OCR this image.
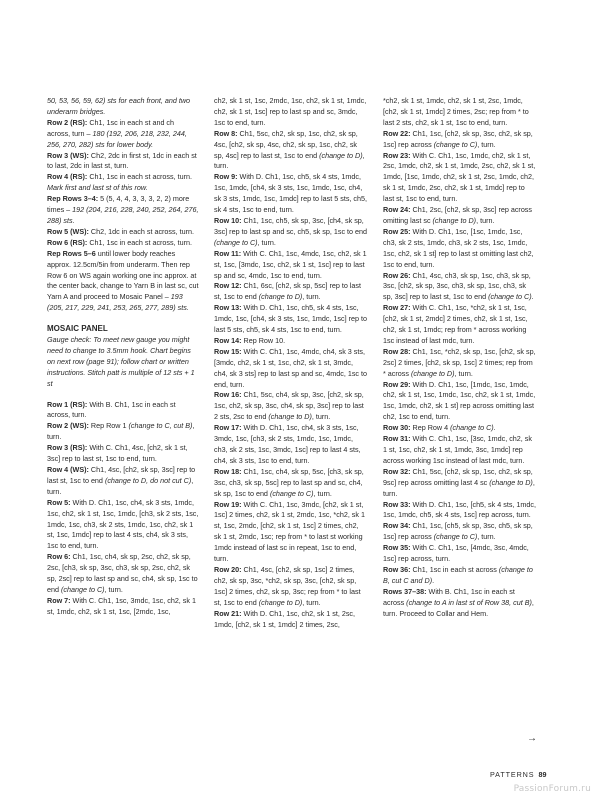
50, 53, 56, 59, 62) sts for each front, and two underarm bridges.

Row 2 (RS): Ch1, 1sc in each st and ch across, turn – 180 (192, 206, 218, 232, 244, 256, 270, 282) sts for lower body.

Row 3 (WS): Ch2, 2dc in first st, 1dc in each st to last, 2dc in last st, turn.

Row 4 (RS): Ch1, 1sc in each st across, turn. Mark first and last st of this row.

Rep Rows 3–4: 5 (5, 4, 4, 3, 3, 3, 2, 2) more times – 192 (204, 216, 228, 240, 252, 264, 276, 288) sts.

Row 5 (WS): Ch2, 1dc in each st across, turn.

Row 6 (RS): Ch1, 1sc in each st across, turn.

Rep Rows 5–6 until lower body reaches approx. 12.5cm/5in from underarm. Then rep Row 6 on WS again working one inc approx. at the center back, change to Yarn B in last sc, cut Yarn A and proceed to Mosaic Panel – 193 (205, 217, 229, 241, 253, 265, 277, 289) sts.

MOSAIC PANEL

Gauge check: To meet new gauge you might need to change to 3.5mm hook. Chart begins on next row (page 91); follow chart or written instructions. Stitch patt is multiple of 12 sts + 1 st

Row 1 (RS): With B. Ch1, 1sc in each st across, turn.

Row 2 (WS): Rep Row 1 (change to C, cut B), turn.

Row 3 (RS): With C. Ch1, 4sc, [ch2, sk 1 st, 3sc] rep to last st, 1sc to end, turn.

Row 4 (WS): Ch1, 4sc, [ch2, sk sp, 3sc] rep to last st, 1sc to end (change to D, do not cut C), turn.

Row 5: With D. Ch1, 1sc, ch4, sk 3 sts, 1mdc, 1sc, ch2, sk 1 st, 1sc, 1mdc, [ch3, sk 2 sts, 1sc, 1mdc, 1sc, ch3, sk 2 sts, 1mdc, 1sc, ch2, sk 1 st, 1sc, 1mdc] rep to last 4 sts, ch4, sk 3 sts, 1sc to end, turn.

Row 6: Ch1, 1sc, ch4, sk sp, 2sc, ch2, sk sp, 2sc, [ch3, sk sp, 3sc, ch3, sk sp, 2sc, ch2, sk sp, 2sc] rep to last sp and sc, ch4, sk sp, 1sc to end (change to C), turn.

Row 7: With C. Ch1, 1sc, 3mdc, 1sc, ch2, sk 1 st, 1mdc, ch2, sk 1 st, 1sc, [2mdc, 1sc,

ch2, sk 1 st, 1sc, 2mdc, 1sc, ch2, sk 1 st, 1mdc, ch2, sk 1 st, 1sc] rep to last sp and sc, 3mdc, 1sc to end, turn.

Row 8: Ch1, 5sc, ch2, sk sp, 1sc, ch2, sk sp, 4sc, [ch2, sk sp, 4sc, ch2, sk sp, 1sc, ch2, sk sp, 4sc] rep to last st, 1sc to end (change to D), turn.

Row 9: With D. Ch1, 1sc, ch5, sk 4 sts, 1mdc, 1sc, 1mdc, [ch4, sk 3 sts, 1sc, 1mdc, 1sc, ch4, sk 3 sts, 1mdc, 1sc, 1mdc] rep to last 5 sts, ch5, sk 4 sts, 1sc to end, turn.

Row 10: Ch1, 1sc, ch5, sk sp, 3sc, [ch4, sk sp, 3sc] rep to last sp and sc, ch5, sk sp, 1sc to end (change to C), turn.

Row 11: With C. Ch1, 1sc, 4mdc, 1sc, ch2, sk 1 st, 1sc, [3mdc, 1sc, ch2, sk 1 st, 1sc] rep to last sp and sc, 4mdc, 1sc to end, turn.

Row 12: Ch1, 6sc, [ch2, sk sp, 5sc] rep to last st, 1sc to end (change to D), turn.

Row 13: With D. Ch1, 1sc, ch5, sk 4 sts, 1sc, 1mdc, 1sc, [ch4, sk 3 sts, 1sc, 1mdc, 1sc] rep to last 5 sts, ch5, sk 4 sts, 1sc to end, turn.

Row 14: Rep Row 10.

Row 15: With C. Ch1, 1sc, 4mdc, ch4, sk 3 sts, [3mdc, ch2, sk 1 st, 1sc, ch2, sk 1 st, 3mdc, ch4, sk 3 sts] rep to last sp and sc, 4mdc, 1sc to end, turn.

Row 16: Ch1, 5sc, ch4, sk sp, 3sc, [ch2, sk sp, 1sc, ch2, sk sp, 3sc, ch4, sk sp, 3sc] rep to last 2 sts, 2sc to end (change to D), turn.

Row 17: With D. Ch1, 1sc, ch4, sk 3 sts, 1sc, 3mdc, 1sc, [ch3, sk 2 sts, 1mdc, 1sc, 1mdc, ch3, sk 2 sts, 1sc, 3mdc, 1sc] rep to last 4 sts, ch4, sk 3 sts, 1sc to end, turn.

Row 18: Ch1, 1sc, ch4, sk sp, 5sc, [ch3, sk sp, 3sc, ch3, sk sp, 5sc] rep to last sp and sc, ch4, sk sp, 1sc to end (change to C), turn.

Row 19: With C. Ch1, 1sc, 3mdc, [ch2, sk 1 st, 1sc] 2 times, ch2, sk 1 st, 2mdc, 1sc, *ch2, sk 1 st, 1sc, 2mdc, [ch2, sk 1 st, 1sc] 2 times, ch2, sk 1 st, 2mdc, 1sc; rep from * to last st working 1mdc instead of last sc in repeat, 1sc to end, turn.

Row 20: Ch1, 4sc, [ch2, sk sp, 1sc] 2 times, ch2, sk sp, 3sc, *ch2, sk sp, 3sc, [ch2, sk sp, 1sc] 2 times, ch2, sk sp, 3sc; rep from * to last st, 1sc to end (change to D), turn.

Row 21: With D. Ch1, 1sc, ch2, sk 1 st, 2sc, 1mdc, [ch2, sk 1 st, 1mdc] 2 times, 2sc,

*ch2, sk 1 st, 1mdc, ch2, sk 1 st, 2sc, 1mdc, [ch2, sk 1 st, 1mdc] 2 times, 2sc; rep from * to last 2 sts, ch2, sk 1 st, 1sc to end, turn.

Row 22: Ch1, 1sc, [ch2, sk sp, 3sc, ch2, sk sp, 1sc] rep across (change to C), turn.

Row 23: With C. Ch1, 1sc, 1mdc, ch2, sk 1 st, 2sc, 1mdc, ch2, sk 1 st, 1mdc, 2sc, ch2, sk 1 st, 1mdc, [1sc, 1mdc, ch2, sk 1 st, 2sc, 1mdc, ch2, sk 1 st, 1mdc, 2sc, ch2, sk 1 st, 1mdc] rep to last st, 1sc to end, turn.

Row 24: Ch1, 2sc, [ch2, sk sp, 3sc] rep across omitting last sc (change to D), turn.

Row 25: With D. Ch1, 1sc, [1sc, 1mdc, 1sc, ch3, sk 2 sts, 1mdc, ch3, sk 2 sts, 1sc, 1mdc, 1sc, ch2, sk 1 st] rep to last st omitting last ch2, 1sc to end, turn.

Row 26: Ch1, 4sc, ch3, sk sp, 1sc, ch3, sk sp, 3sc, [ch2, sk sp, 3sc, ch3, sk sp, 1sc, ch3, sk sp, 3sc] rep to last st, 1sc to end (change to C).

Row 27: With C. Ch1, 1sc, *ch2, sk 1 st, 1sc, [ch2, sk 1 st, 2mdc] 2 times, ch2, sk 1 st, 1sc, ch2, sk 1 st, 1mdc; rep from * across working 1sc instead of last mdc, turn.

Row 28: Ch1, 1sc, *ch2, sk sp, 1sc, [ch2, sk sp, 2sc] 2 times, [ch2, sk sp, 1sc] 2 times; rep from * across (change to D), turn.

Row 29: With D. Ch1, 1sc, [1mdc, 1sc, 1mdc, ch2, sk 1 st, 1sc, 1mdc, 1sc, ch2, sk 1 st, 1mdc, 1sc, 1mdc, ch2, sk 1 st] rep across omitting last ch2, 1sc to end, turn.

Row 30: Rep Row 4 (change to C).

Row 31: With C. Ch1, 1sc, [3sc, 1mdc, ch2, sk 1 st, 1sc, ch2, sk 1 st, 1mdc, 3sc, 1mdc] rep across working 1sc instead of last mdc, turn.

Row 32: Ch1, 5sc, [ch2, sk sp, 1sc, ch2, sk sp, 9sc] rep across omitting last 4 sc (change to D), turn.

Row 33: With D. Ch1, 1sc, [ch5, sk 4 sts, 1mdc, 1sc, 1mdc, ch5, sk 4 sts, 1sc] rep across, turn.

Row 34: Ch1, 1sc, [ch5, sk sp, 3sc, ch5, sk sp, 1sc] rep across (change to C), turn.

Row 35: With C. Ch1, 1sc, [4mdc, 3sc, 4mdc, 1sc] rep across, turn.

Row 36: Ch1, 1sc in each st across (change to B, cut C and D).

Rows 37–38: With B. Ch1, 1sc in each st across (change to A in last st of Row 38, cut B), turn. Proceed to Collar and Hem.

→
PATTERNS 89
PassionForum.ru
